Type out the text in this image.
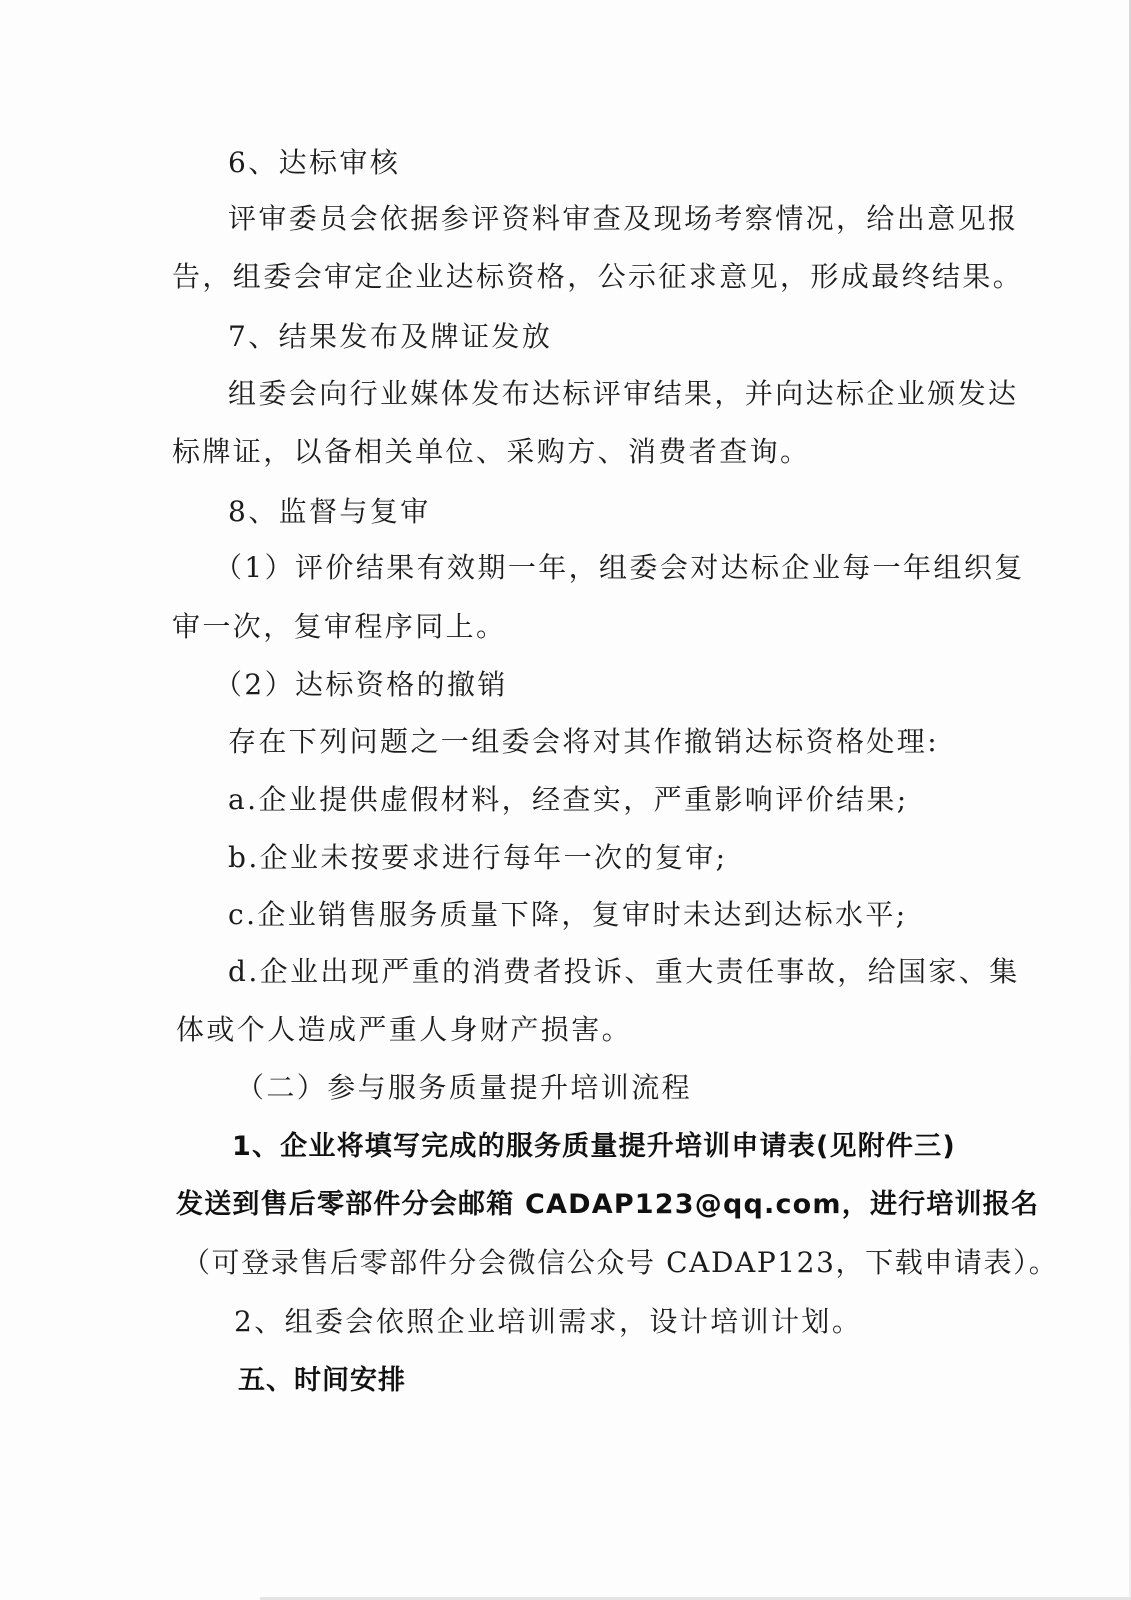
6、达标审核
评审委员会依据参评资料审查及现场考察情况，给出意见报
告，组委会审定企业达标资格，公示征求意见，形成最终结果。
7、结果发布及牌证发放
组委会向行业媒体发布达标评审结果，并向达标企业颁发达
标牌证，以备相关单位、采购方、消费者查询。
8、监督与复审
（1）评价结果有效期一年，组委会对达标企业每一年组织复
审一次，复审程序同上。
（2）达标资格的撤销
存在下列问题之一组委会将对其作撤销达标资格处理:
a.企业提供虚假材料，经查实，严重影响评价结果;
b.企业未按要求进行每年一次的复审;
c.企业销售服务质量下降，复审时未达到达标水平;
d.企业出现严重的消费者投诉、重大责任事故，给国家、集
体或个人造成严重人身财产损害。
（二）参与服务质量提升培训流程
1、企业将填写完成的服务质量提升培训申请表(见附件三)
发送到售后零部件分会邮箱 CADAP123@qq.com，进行培训报名
（可登录售后零部件分会微信公众号 CADAP123，下载申请表）。
2、组委会依照企业培训需求，设计培训计划。
五、时间安排
